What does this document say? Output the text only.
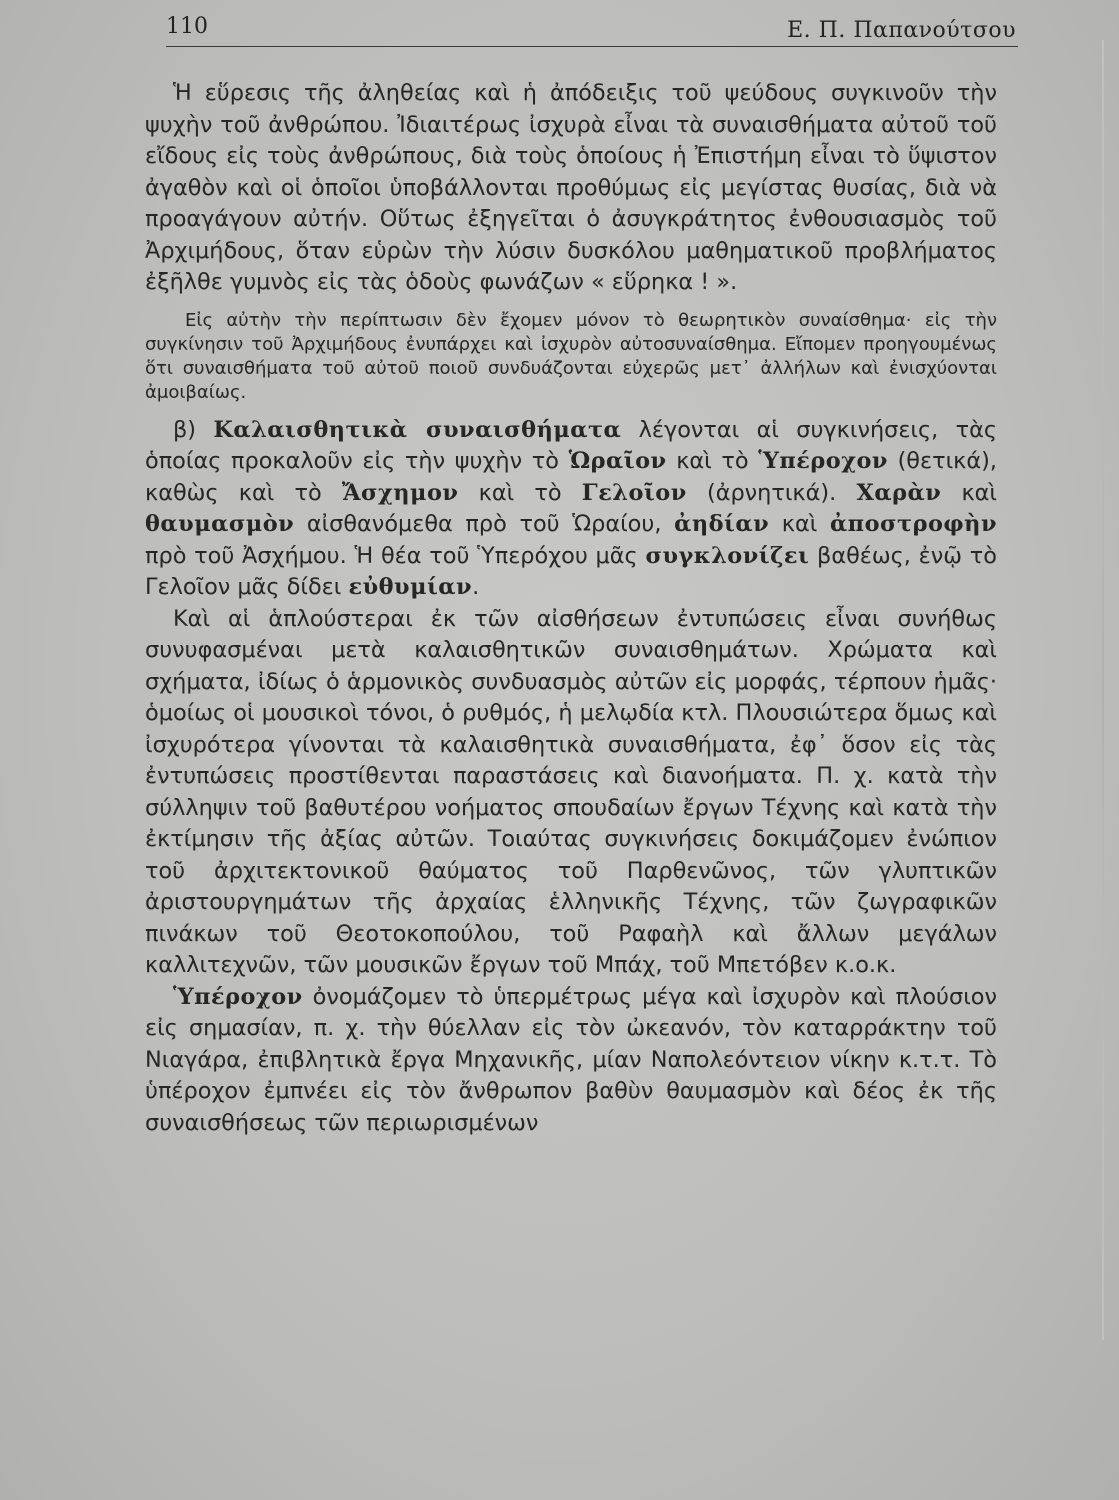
110	Ε. Π. Παπανούτσου

Ἡ εὕρεσις τῆς ἀληθείας καὶ ἡ ἀπόδειξις τοῦ ψεύδους συγκινοῦν τὴν ψυχὴν τοῦ ἀνθρώπου. Ἰδιαιτέρως ἰσχυρὰ εἶναι τὰ συναισθήματα αὐτοῦ τοῦ εἴδους εἰς τοὺς ἀνθρώπους, διὰ τοὺς ὁποίους ἡ Ἐπιστήμη εἶναι τὸ ὕψιστον ἀγαθὸν καὶ οἱ ὁποῖοι ὑποβάλλονται προθύμως εἰς μεγίστας θυσίας, διὰ νὰ προαγάγουν αὐτήν. Οὕτως ἐξηγεῖται ὁ ἀσυγκράτητος ἐνθουσιασμὸς τοῦ Ἀρχιμήδους, ὅταν εὑρὼν τὴν λύσιν δυσκόλου μαθηματικοῦ προβλήματος ἐξῆλθε γυμνὸς εἰς τὰς ὁδοὺς φωνάζων « εὕρηκα ! ».

Εἰς αὐτὴν τὴν περίπτωσιν δὲν ἔχομεν μόνον τὸ θεωρητικὸν συναίσθημα· εἰς τὴν συγκίνησιν τοῦ Ἀρχιμήδους ἐνυπάρχει καὶ ἰσχυρὸν αὐτοσυναίσθημα. Εἴπομεν προηγουμένως ὅτι συναισθήματα τοῦ αὐτοῦ ποιοῦ συνδυάζονται εὐχερῶς μετ᾽ ἀλλήλων καὶ ἐνισχύονται ἀμοιβαίως.

β) Καλαισθητικὰ συναισθήματα λέγονται αἱ συγκινήσεις, τὰς ὁποίας προκαλοῦν εἰς τὴν ψυχὴν τὸ Ὡραῖον καὶ τὸ Ὑπέροχον (θετικά), καθὼς καὶ τὸ Ἄσχημον καὶ τὸ Γελοῖον (ἀρνητικά). Χαρὰν καὶ θαυμασμὸν αἰσθανόμεθα πρὸ τοῦ Ὡραίου, ἀηδίαν καὶ ἀποστροφὴν πρὸ τοῦ Ἀσχήμου. Ἡ θέα τοῦ Ὑπερόχου μᾶς συγκλονίζει βαθέως, ἐνῷ τὸ Γελοῖον μᾶς δίδει εὐθυμίαν.

Καὶ αἱ ἁπλούστεραι ἐκ τῶν αἰσθήσεων ἐντυπώσεις εἶναι συνήθως συνυφασμέναι μετὰ καλαισθητικῶν συναισθημάτων. Χρώματα καὶ σχήματα, ἰδίως ὁ ἁρμονικὸς συνδυασμὸς αὐτῶν εἰς μορφάς, τέρπουν ἡμᾶς· ὁμοίως οἱ μουσικοὶ τόνοι, ὁ ρυθμός, ἡ μελῳδία κτλ. Πλουσιώτερα ὅμως καὶ ἰσχυρότερα γίνονται τὰ καλαισθητικὰ συναισθήματα, ἐφ᾽ ὅσον εἰς τὰς ἐντυπώσεις προστίθενται παραστάσεις καὶ διανοήματα. Π. χ. κατὰ τὴν σύλληψιν τοῦ βαθυτέρου νοήματος σπουδαίων ἔργων Τέχνης καὶ κατὰ τὴν ἐκτίμησιν τῆς ἀξίας αὐτῶν. Τοιαύτας συγκινήσεις δοκιμάζομεν ἐνώπιον τοῦ ἀρχιτεκτονικοῦ θαύματος τοῦ Παρθενῶνος, τῶν γλυπτικῶν ἀριστουργημάτων τῆς ἀρχαίας ἑλληνικῆς Τέχνης, τῶν ζωγραφικῶν πινάκων τοῦ Θεοτοκοπούλου, τοῦ Ραφαὴλ καὶ ἄλλων μεγάλων καλλιτεχνῶν, τῶν μουσικῶν ἔργων τοῦ Μπάχ, τοῦ Μπετόβεν κ.ο.κ.

Ὑπέροχον ὀνομάζομεν τὸ ὑπερμέτρως μέγα καὶ ἰσχυρὸν καὶ πλούσιον εἰς σημασίαν, π. χ. τὴν θύελλαν εἰς τὸν ὠκεανόν, τὸν καταρράκτην τοῦ Νιαγάρα, ἐπιβλητικὰ ἔργα Μηχανικῆς, μίαν Ναπολεόντειον νίκην κ.τ.τ. Τὸ ὑπέροχον ἐμπνέει εἰς τὸν ἄνθρωπον βαθὺν θαυμασμὸν καὶ δέος ἐκ τῆς συναισθήσεως τῶν περιωρισμένων
